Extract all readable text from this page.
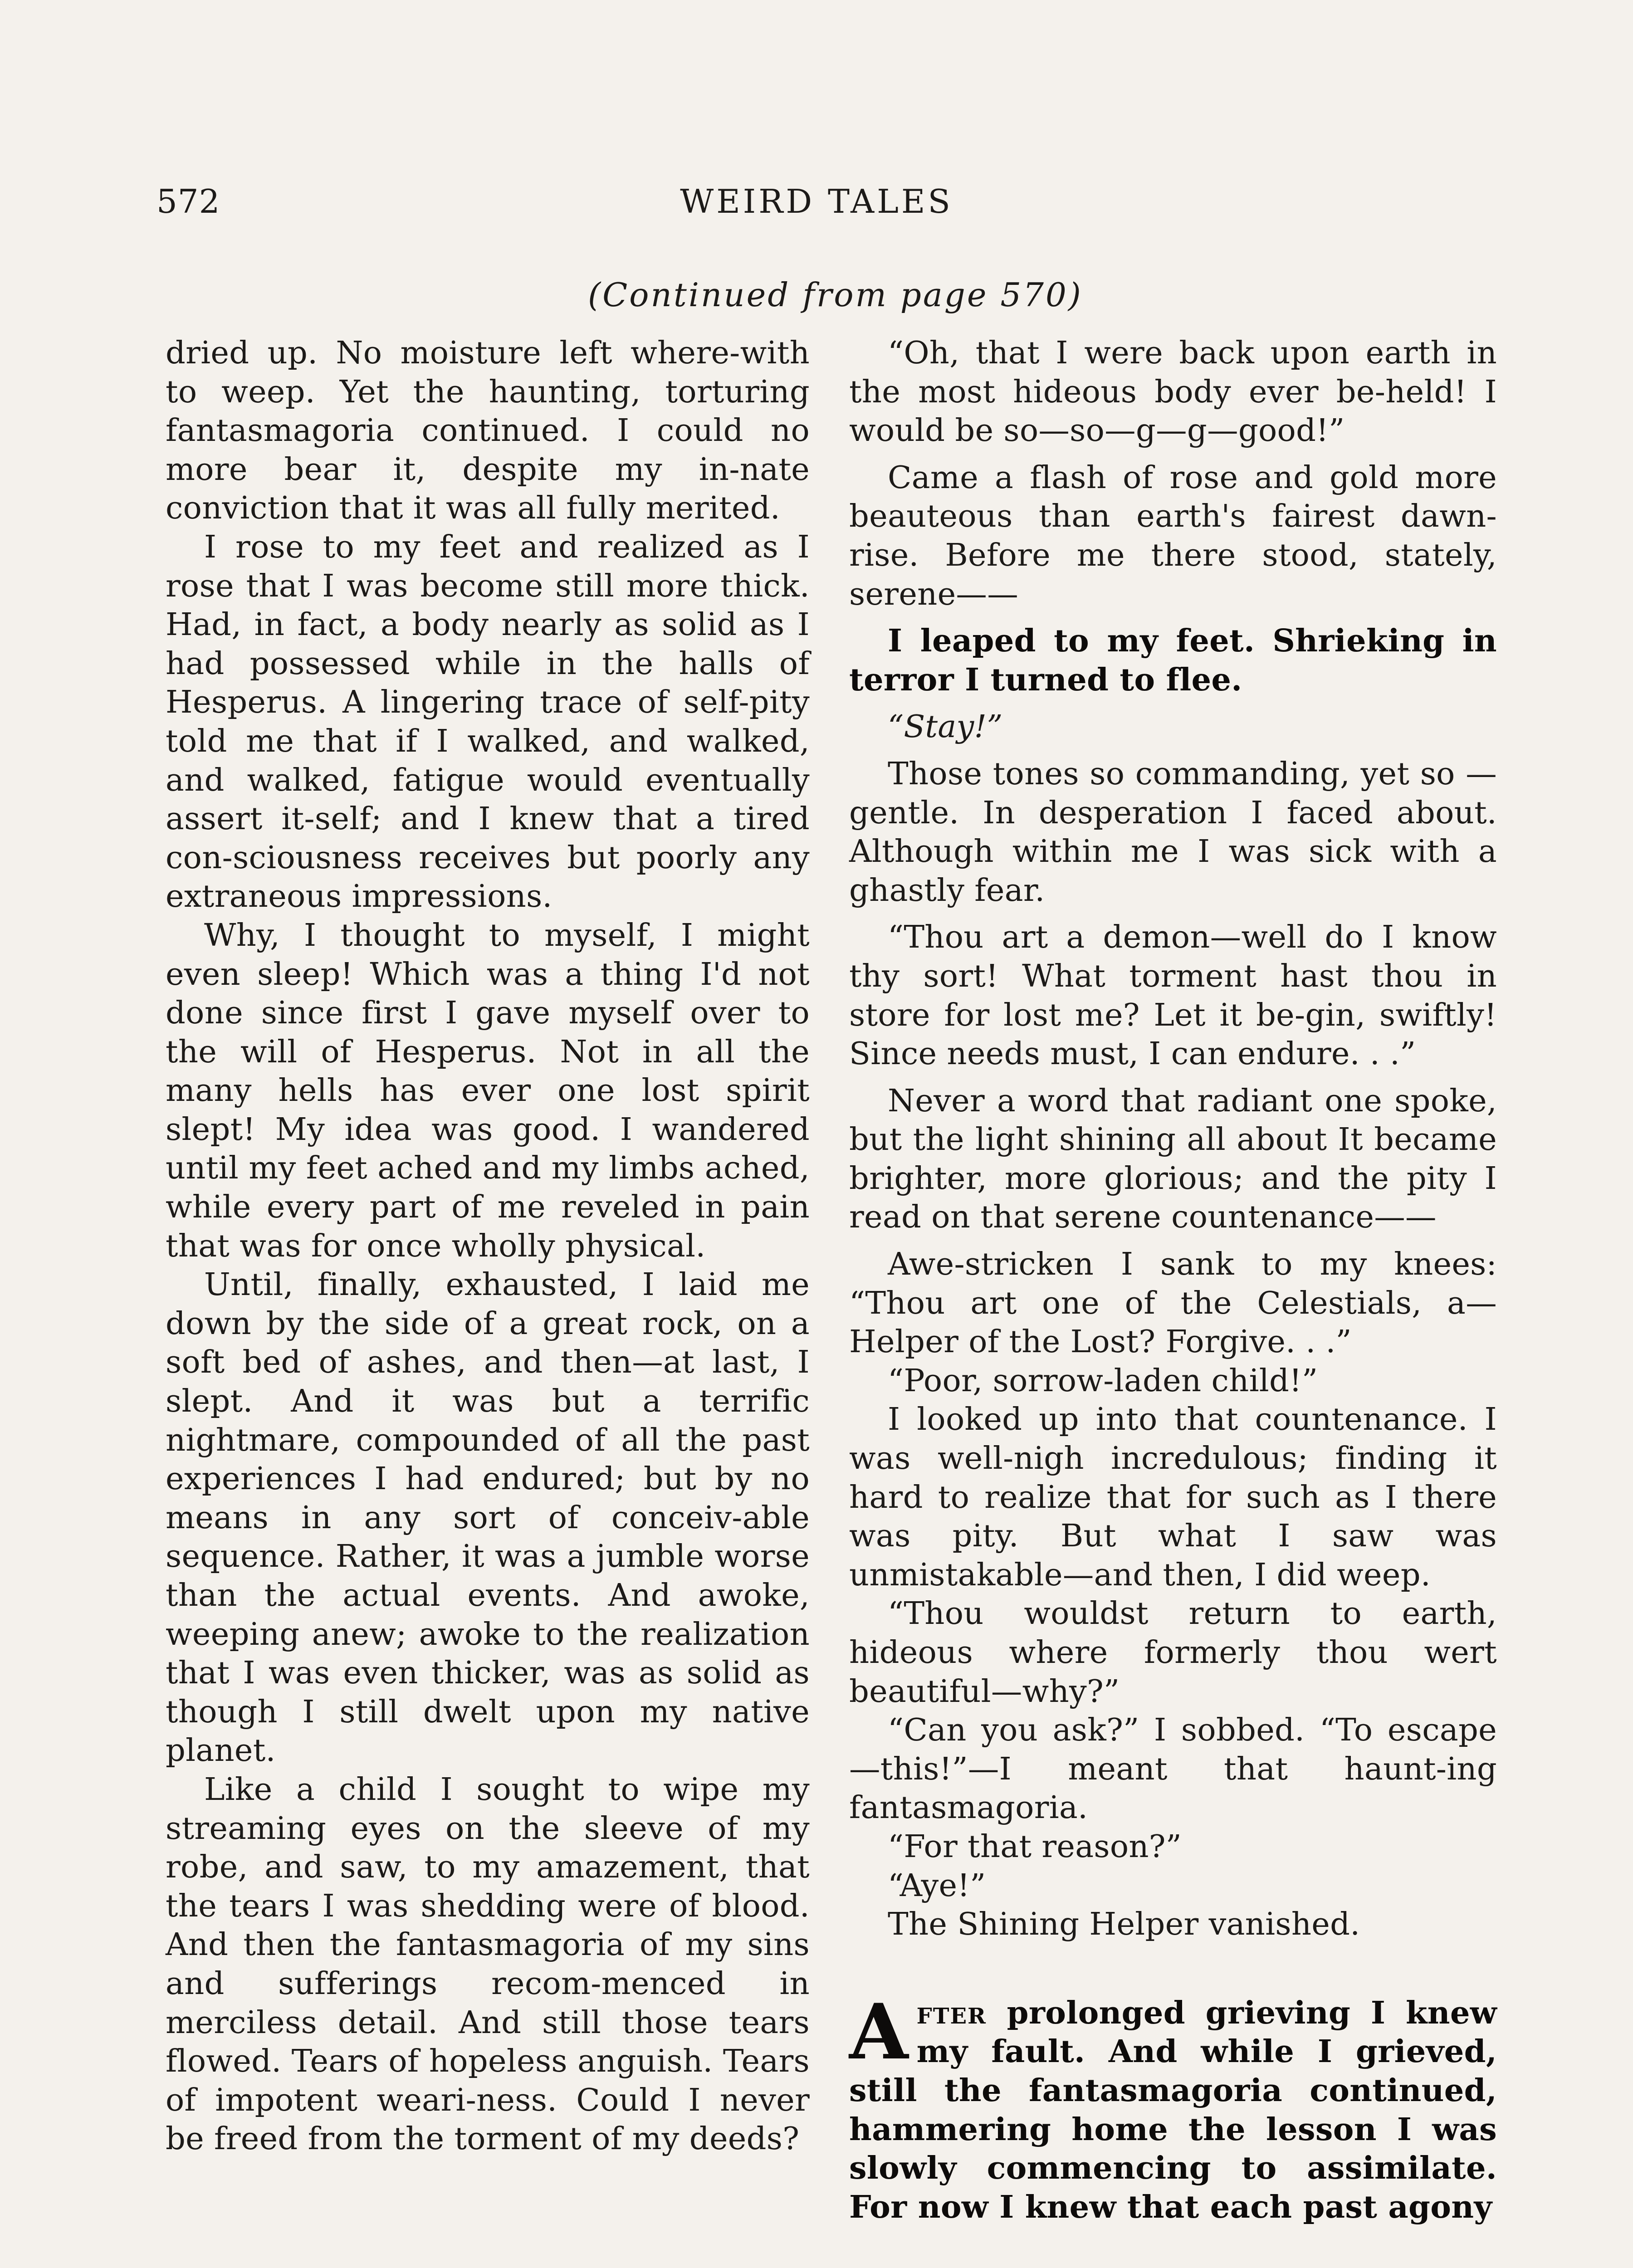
572	WEIRD TALES
(Continued from page 570)

dried up. No moisture left where-with to weep. Yet the haunting, torturing fantasmagoria continued. I could no more bear it, despite my in-nate conviction that it was all fully merited.

I rose to my feet and realized as I rose that I was become still more thick. Had, in fact, a body nearly as solid as I had possessed while in the halls of Hesperus. A lingering trace of self-pity told me that if I walked, and walked, and walked, fatigue would eventually assert it-self; and I knew that a tired con-sciousness receives but poorly any extraneous impressions.

Why, I thought to myself, I might even sleep! Which was a thing I'd not done since first I gave myself over to the will of Hesperus. Not in all the many hells has ever one lost spirit slept! My idea was good. I wandered until my feet ached and my limbs ached, while every part of me reveled in pain that was for once wholly physical.

Until, finally, exhausted, I laid me down by the side of a great rock, on a soft bed of ashes, and then—at last, I slept. And it was but a terrific nightmare, compounded of all the past experiences I had endured; but by no means in any sort of conceiv-able sequence. Rather, it was a jumble worse than the actual events. And awoke, weeping anew; awoke to the realization that I was even thicker, was as solid as though I still dwelt upon my native planet.

Like a child I sought to wipe my streaming eyes on the sleeve of my robe, and saw, to my amazement, that the tears I was shedding were of blood. And then the fantasmagoria of my sins and sufferings recom-menced in merciless detail. And still those tears flowed. Tears of hopeless anguish. Tears of impotent weari-ness. Could I never be freed from the torment of my deeds?

“Oh, that I were back upon earth in the most hideous body ever be-held! I would be so—so—g—g—good!”

Came a flash of rose and gold more beauteous than earth's fairest dawn-rise. Before me there stood, stately, serene——

I leaped to my feet. Shrieking in terror I turned to flee.

“Stay!”

Those tones so commanding, yet so —gentle. In desperation I faced about. Although within me I was sick with a ghastly fear.

“Thou art a demon—well do I know thy sort! What torment hast thou in store for lost me? Let it be-gin, swiftly! Since needs must, I can endure. . .”

Never a word that radiant one spoke, but the light shining all about It became brighter, more glorious; and the pity I read on that serene countenance——

Awe-stricken I sank to my knees: “Thou art one of the Celestials, a—Helper of the Lost? Forgive. . .”

“Poor, sorrow-laden child!”

I looked up into that countenance. I was well-nigh incredulous; finding it hard to realize that for such as I there was pity. But what I saw was unmistakable—and then, I did weep.

“Thou wouldst return to earth, hideous where formerly thou wert beautiful—why?”

“Can you ask?” I sobbed. “To escape—this!”—I meant that haunt-ing fantasmagoria.

“For that reason?”

“Aye!”

The Shining Helper vanished.

After prolonged grieving I knew my fault. And while I grieved, still the fantasmagoria continued, hammering home the lesson I was slowly commencing to assimilate. For now I knew that each past agony
